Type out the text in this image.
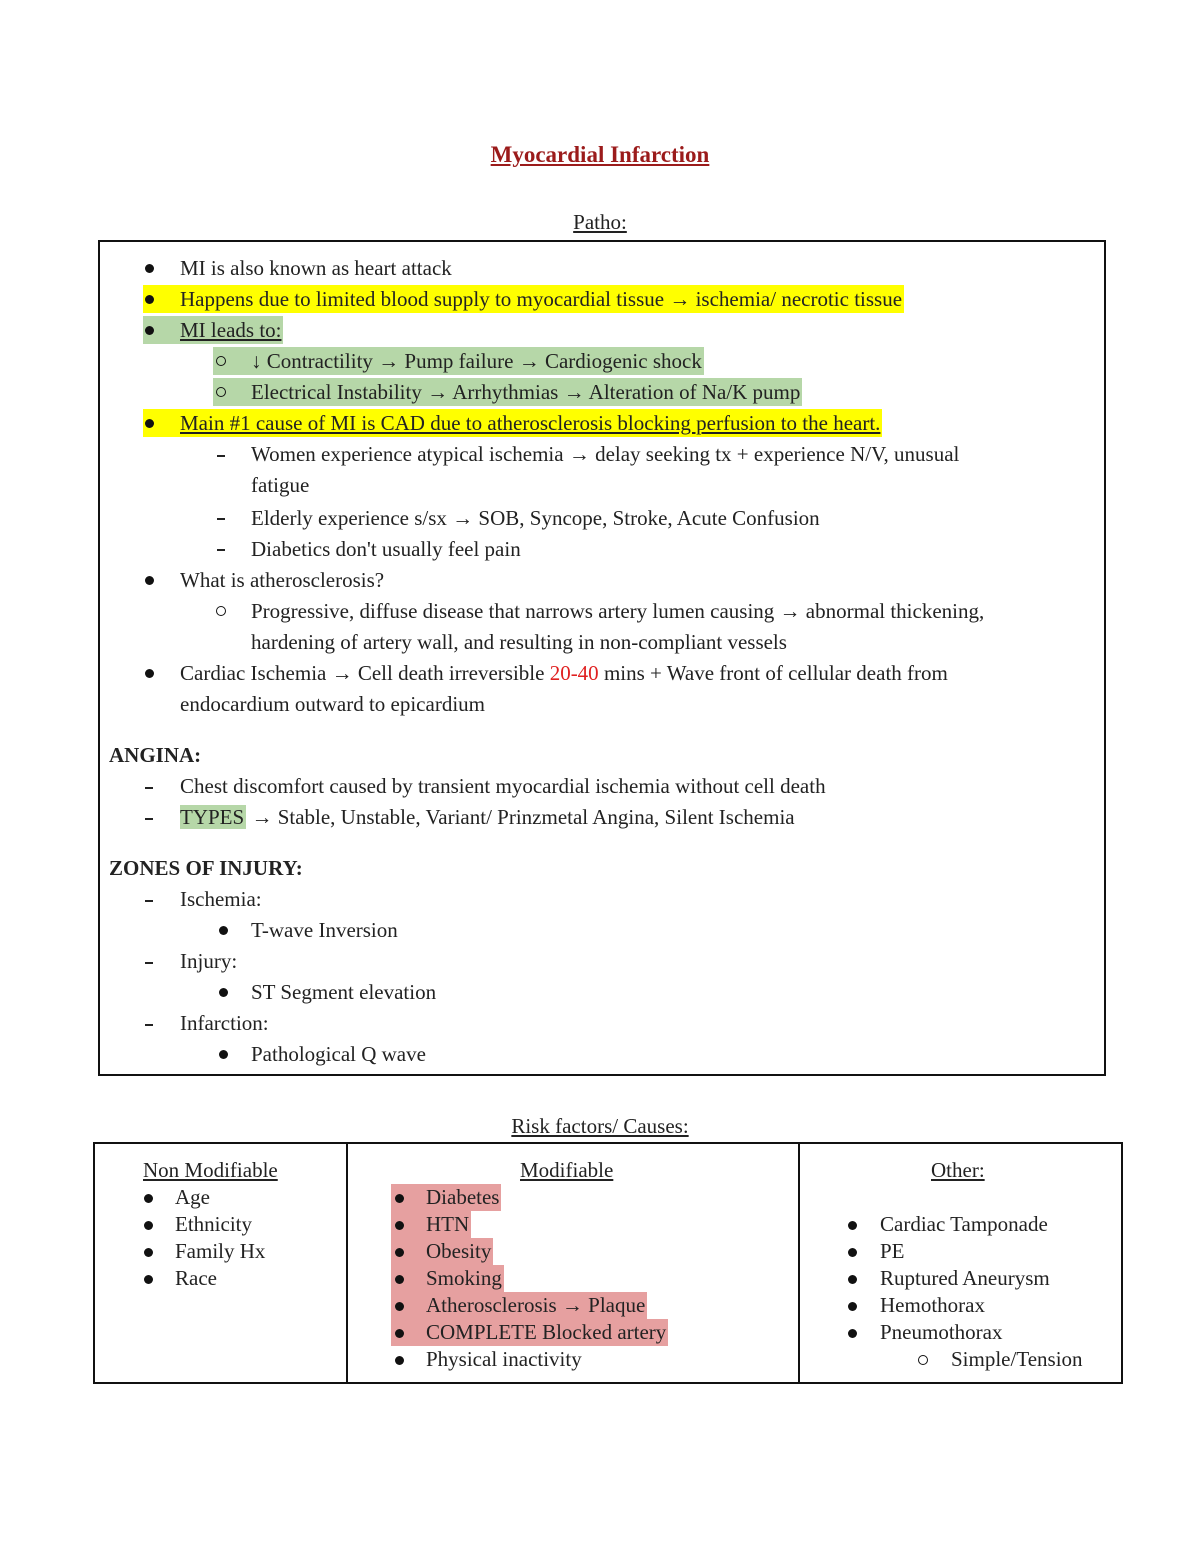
Myocardial Infarction
Patho:
MI is also known as heart attack
Happens due to limited blood supply to myocardial tissue → ischemia/ necrotic tissue
MI leads to:
↓ Contractility → Pump failure → Cardiogenic shock
Electrical Instability → Arrhythmias → Alteration of Na/K pump
Main #1 cause of MI is CAD due to atherosclerosis blocking perfusion to the heart.
Women experience atypical ischemia → delay seeking tx + experience N/V, unusual
fatigue
Elderly experience s/sx → SOB, Syncope, Stroke, Acute Confusion
Diabetics don't usually feel pain
What is atherosclerosis?
Progressive, diffuse disease that narrows artery lumen causing → abnormal thickening,
hardening of artery wall, and resulting in non-compliant vessels
Cardiac Ischemia → Cell death irreversible 20-40 mins + Wave front of cellular death from
endocardium outward to epicardium
ANGINA:
Chest discomfort caused by transient myocardial ischemia without cell death
TYPES → Stable, Unstable, Variant/ Prinzmetal Angina, Silent Ischemia
ZONES OF INJURY:
Ischemia:
T-wave Inversion
Injury:
ST Segment elevation
Infarction:
Pathological Q wave
Risk factors/ Causes:
Non Modifiable
Age
Ethnicity
Family Hx
Race
Modifiable
Diabetes
HTN
Obesity
Smoking
Atherosclerosis → Plaque
COMPLETE Blocked artery
Physical inactivity
Other:
Cardiac Tamponade
PE
Ruptured Aneurysm
Hemothorax
Pneumothorax
Simple/Tension
